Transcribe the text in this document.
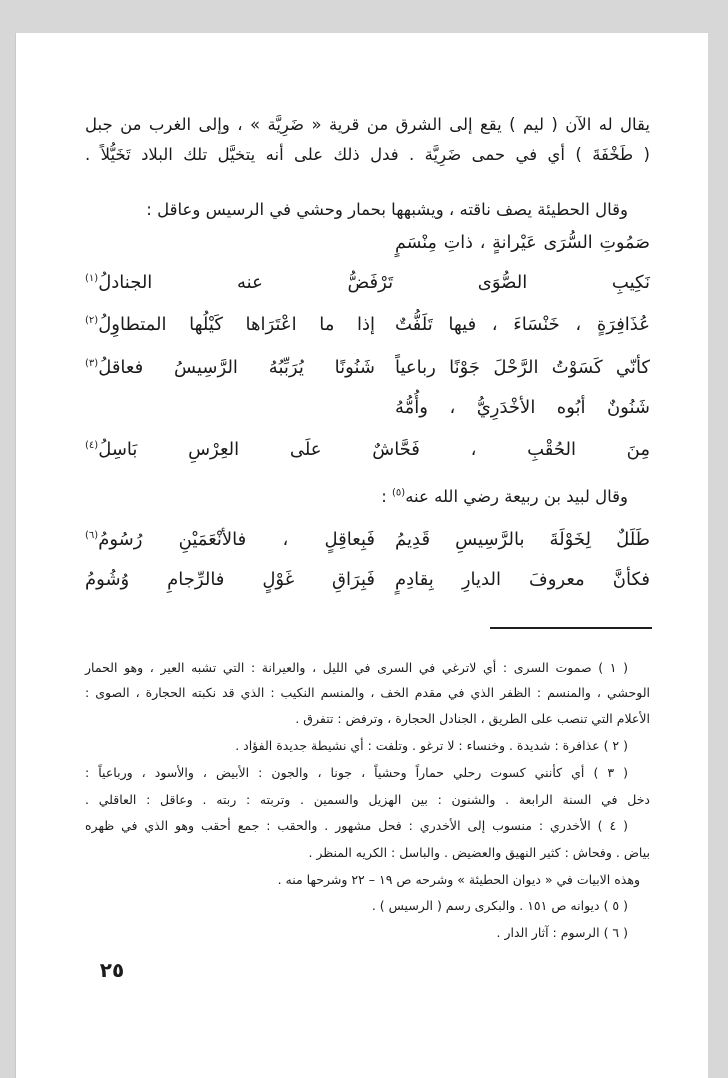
يقال له الآن ( ليم ) يقع إلى الشرق من قرية « ضَرِيَّة » ، وإلى الغرب من جبل
( طَخْفَةَ ) أي في حمى ضَرِيَّة . فدل ذلك على أنه يتخيَّل تلك البلاد تَخَيُّلاً .
وقال الحطيئة يصف ناقته ، ويشبهها بحمار وحشي في الرسيس وعاقل :
صَمُوتِ السُّرَى عَيْرانةٍ ، ذاتِ مِنْسَمٍ
نَكِيبِ الصُّوَى تَرْفَضُّ عنه الجنادلُ$^{(١)}$
عُذَافِرَةٍ ، خَنْسَاءَ ، فيها تَلَفُّتٌ
إذا ما اعْتَرَاها كَيْلُها المتطاوِلُ$^{(٢)}$
كأنّي كَسَوْتُ الرَّحْلَ جَوْنًا رباعياً
شَنُونًا يُرَبِّبُهُ الرَّسِيسُ فعاقلُ$^{(٣)}$
شَنُونٌ أبُوه الأخْدَرِيُّ ، وأُمُّهُ
مِنَ الحُقْبِ ، فَحَّاشٌ علَى العِرْسِ بَاسِلُ$^{(٤)}$
وقال لبيد بن ربيعة رضي الله عنه$^{(٥)}$ :
طَلَلٌ لِخَوْلَةَ بالرَّسِيسِ قَدِيمُ
فَبِعاقِلٍ ، فالأنْعَمَيْنِ رُسُومُ$^{(٦)}$
فكأنَّ معروفَ الديارِ بِقادِمٍ
فَبِرَاقِ غَوْلٍ فالرِّجامِ وُشُومُ
( ١ ) صموت السرى : أي لاترغي في السرى في الليل ، والعيرانة : التي تشبه العير ، وهو الحمار
الوحشي ، والمنسم : الظفر الذي في مقدم الخف ، والمنسم النكيب : الذي قد نكبته الحجارة ، الصوى :
الأعلام التي تنصب على الطريق ، الجنادل الحجارة ، وترفض : تتفرق .
( ٢ ) عذافرة : شديدة . وخنساء : لا ترغو . وتلفت : أي نشيطة جديدة الفؤاد .
( ٣ ) أي كأنني كسوت رحلي حماراً وحشياً ، جونا ، والجون : الأبيض ، والأسود ، ورباعياً :
دخل في السنة الرابعة . والشنون : بين الهزيل والسمين . وتربته : ربته . وعاقل : العاقلي .
( ٤ ) الأخدري : منسوب إلى الأخدري : فحل مشهور . والحقب : جمع أحقب وهو الذي في ظهره
بياض . وفحاش : كثير النهيق والعضيض . والباسل : الكريه المنظر .
وهذه الابيات في « ديوان الحطيئة » وشرحه ص ١٩ – ٢٢ وشرحها منه .
( ٥ ) ديوانه ص ١٥١ . والبكرى رسم ( الرسيس ) .
( ٦ ) الرسوم : آثار الدار .
٢٥
